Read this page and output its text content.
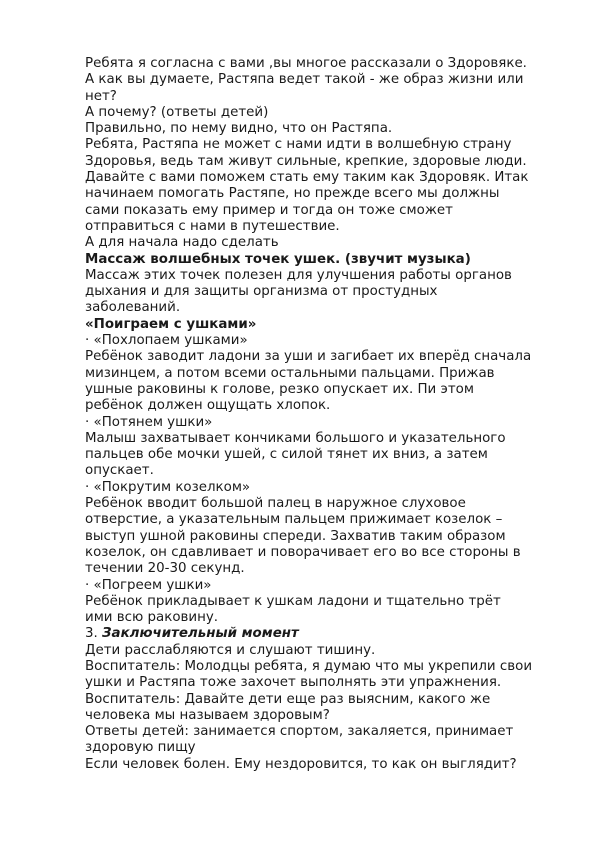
Ребята я согласна с вами ,вы многое рассказали о Здоровяке.
А как вы думаете, Растяпа ведет такой - же образ жизни или
нет?

А почему? (ответы детей)

Правильно, по нему видно, что он Растяпа.

Ребята, Растяпа не может с нами идти в волшебную страну
Здоровья, ведь там живут сильные, крепкие, здоровые люди.
Давайте с вами поможем стать ему таким как Здоровяк. Итак
начинаем помогать Растяпе, но прежде всего мы должны
сами показать ему пример и тогда он тоже сможет
отправиться с нами в путешествие.

А для начала надо сделать

Массаж волшебных точек ушек. (звучит музыка)

Массаж этих точек полезен для улучшения работы органов
дыхания и для защиты организма от простудных
заболеваний.

«Поиграем с ушками»

· «Похлопаем ушками»

Ребёнок заводит ладони за уши и загибает их вперёд сначала
мизинцем, а потом всеми остальными пальцами. Прижав
ушные раковины к голове, резко опускает их. Пи этом
ребёнок должен ощущать хлопок.

· «Потянем ушки»

Малыш захватывает кончиками большого и указательного
пальцев обе мочки ушей, с силой тянет их вниз, а затем
опускает.

· «Покрутим козелком»

Ребёнок вводит большой палец в наружное слуховое
отверстие, а указательным пальцем прижимает козелок –
выступ ушной раковины спереди. Захватив таким образом
козелок, он сдавливает и поворачивает его во все стороны в
течении 20-30 секунд.

· «Погреем ушки»

Ребёнок прикладывает к ушкам ладони и тщательно трёт
ими всю раковину.

3. Заключительный момент

Дети расслабляются и слушают тишину.

Воспитатель: Молодцы ребята, я думаю что мы укрепили свои
ушки и Растяпа тоже захочет выполнять эти упражнения.

Воспитатель: Давайте дети еще раз выясним, какого же
человека мы называем здоровым?

Ответы детей: занимается спортом, закаляется, принимает
здоровую пищу

Если человек болен. Ему нездоровится, то как он выглядит?
